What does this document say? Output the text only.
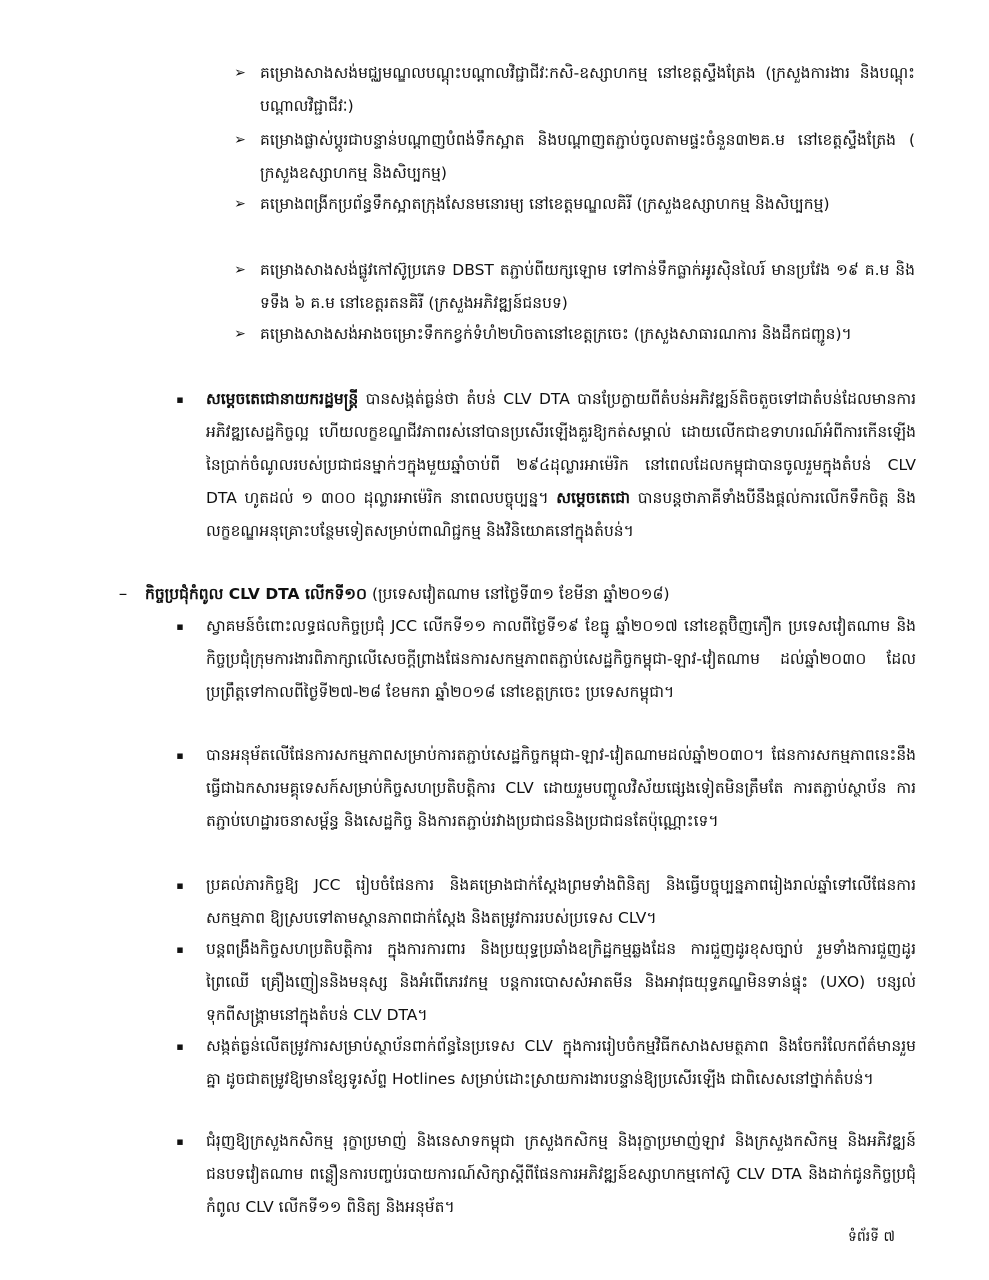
➢ គម្រោងសាងសង់មជ្ឈមណ្ឌលបណ្ដុះបណ្ដាលវិជ្ជាជីវៈកសិ-ឧស្សាហកម្ម នៅខេត្តស្ទឹងត្រែង (ក្រសួងការងារ និងបណ្ដុះបណ្ដាលវិជ្ជាជីវៈ)

➢ គម្រោងផ្លាស់ប្ដូរជាបន្ទាន់បណ្ដាញបំពង់ទឹកស្អាត និងបណ្ដាញតភ្ជាប់ចូលតាមផ្ទះចំនួន៣២គ.ម នៅខេត្តស្ទឹងត្រែង ( ក្រសួងឧស្សាហកម្ម និងសិប្បកម្ម)

➢ គម្រោងពង្រីកប្រព័ន្ធទឹកស្អាតក្រុងសែនមនោរម្យ នៅខេត្តមណ្ឌលគិរី (ក្រសួងឧស្សាហកម្ម និងសិប្បកម្ម)

➢ គម្រោងសាងសង់ផ្លូវកៅស៊ូប្រភេទ DBST តភ្ជាប់ពីយក្សឡោម ទៅកាន់ទឹកធ្លាក់អូរស៊ិនលៃរ៍ មានប្រវែង ១៩ គ.ម និងទទឹង ៦ គ.ម នៅខេត្តរតនគិរី (ក្រសួងអភិវឌ្ឍន៍ជនបទ)

➢ គម្រោងសាងសង់អាងចម្រោះទឹកកខ្វក់ទំហំ២ហិចតានៅខេត្តក្រចេះ (ក្រសួងសាធារណការ និងដឹកជញ្ជូន)។

▪	សម្ដេចតេជោនាយករដ្ឋមន្ត្រី បានសង្កត់ធ្ងន់ថា តំបន់ CLV DTA បានប្រែក្លាយពីតំបន់អភិវឌ្ឍន៍តិចតួចទៅជាតំបន់ដែលមានការអភិវឌ្ឍសេដ្ឋកិច្ចល្អ ហើយលក្ខខណ្ឌជីវភាពរស់នៅបានប្រសើរឡើងគួរឱ្យកត់សម្គាល់ ដោយលើកជាឧទាហរណ៍អំពីការកើនឡើងនៃប្រាក់ចំណូលរបស់ប្រជាជនម្នាក់ៗក្នុងមួយឆ្នាំចាប់ពី ២៩៤ដុល្លារអាម៉េរិក នៅពេលដែលកម្ពុជាបានចូលរួមក្នុងតំបន់ CLV DTA ហូតដល់ ១ ៣០០ ដុល្លារអាម៉េរិក នាពេលបច្ចុប្បន្ន។ សម្ដេចតេជោ បានបន្តថាភាគីទាំងបីនឹងផ្ដល់ការលើកទឹកចិត្ត និងលក្ខខណ្ឌអនុគ្រោះបន្ថែមទៀតសម្រាប់ពាណិជ្ជកម្ម និងវិនិយោគនៅក្នុងតំបន់។

–	កិច្ចប្រជុំកំពូល CLV DTA លើកទី១០ (ប្រទេសវៀតណាម នៅថ្ងៃទី៣១ ខែមីនា ឆ្នាំ២០១៨)

▪	ស្វាគមន៍ចំពោះលទ្ធផលកិច្ចប្រជុំ JCC លើកទី១១ កាលពីថ្ងៃទី១៩ ខែធ្នូ ឆ្នាំ២០១៧ នៅខេត្តប៊ិញភឿក ប្រទេសវៀតណាម និងកិច្ចប្រជុំក្រុមការងារពិភាក្សាលើសេចក្ដីព្រាងផែនការសកម្មភាពតភ្ជាប់សេដ្ឋកិច្ចកម្ពុជា-ឡាវ-វៀតណាម ដល់ឆ្នាំ២០៣០ ដែលប្រព្រឹត្តទៅកាលពីថ្ងៃទី២៧-២៨ ខែមករា ឆ្នាំ២០១៨ នៅខេត្តក្រចេះ ប្រទេសកម្ពុជា។

▪	បានអនុម័តលើផែនការសកម្មភាពសម្រាប់ការតភ្ជាប់សេដ្ឋកិច្ចកម្ពុជា-ឡាវ-វៀតណាមដល់ឆ្នាំ២០៣០។ ផែនការសកម្មភាពនេះនឹងធ្វើជាឯកសារមគ្គុទេសក៍សម្រាប់កិច្ចសហប្រតិបត្តិការ CLV ដោយរួមបញ្ចូលវិស័យផ្សេងទៀតមិនត្រឹមតែ ការតភ្ជាប់ស្ថាប័ន ការតភ្ជាប់ហេដ្ឋារចនាសម្ព័ន្ធ និងសេដ្ឋកិច្ច និងការតភ្ជាប់រវាងប្រជាជននិងប្រជាជនតែប៉ុណ្ណោះទេ។

▪	ប្រគល់ភារកិច្ចឱ្យ JCC រៀបចំផែនការ និងគម្រោងជាក់ស្ដែងព្រមទាំងពិនិត្យ និងធ្វើបច្ចុប្បន្នភាពរៀងរាល់ឆ្នាំទៅលើផែនការសកម្មភាព ឱ្យស្របទៅតាមស្ថានភាពជាក់ស្ដែង និងតម្រូវការរបស់ប្រទេស CLV។

▪	បន្តពង្រឹងកិច្ចសហប្រតិបត្តិការ ក្នុងការការពារ និងប្រយុទ្ធប្រឆាំងឧក្រិដ្ឋកម្មឆ្លងដែន ការជួញដូរខុសច្បាប់ រួមទាំងការជួញដូរព្រៃឈើ គ្រឿងញៀននិងមនុស្ស និងអំពើភេរវកម្ម បន្តការបោសសំអាតមីន និងអាវុធយុទ្ធភណ្ឌមិនទាន់ផ្ទុះ (UXO) បន្សល់ទុកពីសង្គ្រាមនៅក្នុងតំបន់ CLV DTA។

▪	សង្កត់ធ្ងន់លើតម្រូវការសម្រាប់ស្ថាប័នពាក់ព័ន្ធនៃប្រទេស CLV ក្នុងការរៀបចំកម្មវិធីកសាងសមត្ថភាព និងចែករំលែកព័ត៌មានរួមគ្នា ដូចជាតម្រូវឱ្យមានខ្សែទូរស័ព្ទ Hotlines សម្រាប់ដោះស្រាយការងារបន្ទាន់ឱ្យប្រសើរឡើង ជាពិសេសនៅថ្នាក់តំបន់។

▪	ជំរុញឱ្យក្រសួងកសិកម្ម រុក្ខាប្រមាញ់ និងនេសាទកម្ពុជា ក្រសួងកសិកម្ម និងរុក្ខាប្រមាញ់ឡាវ និងក្រសួងកសិកម្ម និងអភិវឌ្ឍន៍ជនបទវៀតណាម ពន្លឿនការបញ្ចប់របាយការណ៍សិក្សាស្ដីពីផែនការអភិវឌ្ឍន៍ឧស្សាហកម្មកៅស៊ូ CLV DTA និងដាក់ជូនកិច្ចប្រជុំកំពូល CLV លើកទី១១ ពិនិត្យ និងអនុម័ត។

ទំព័រទី ៧
